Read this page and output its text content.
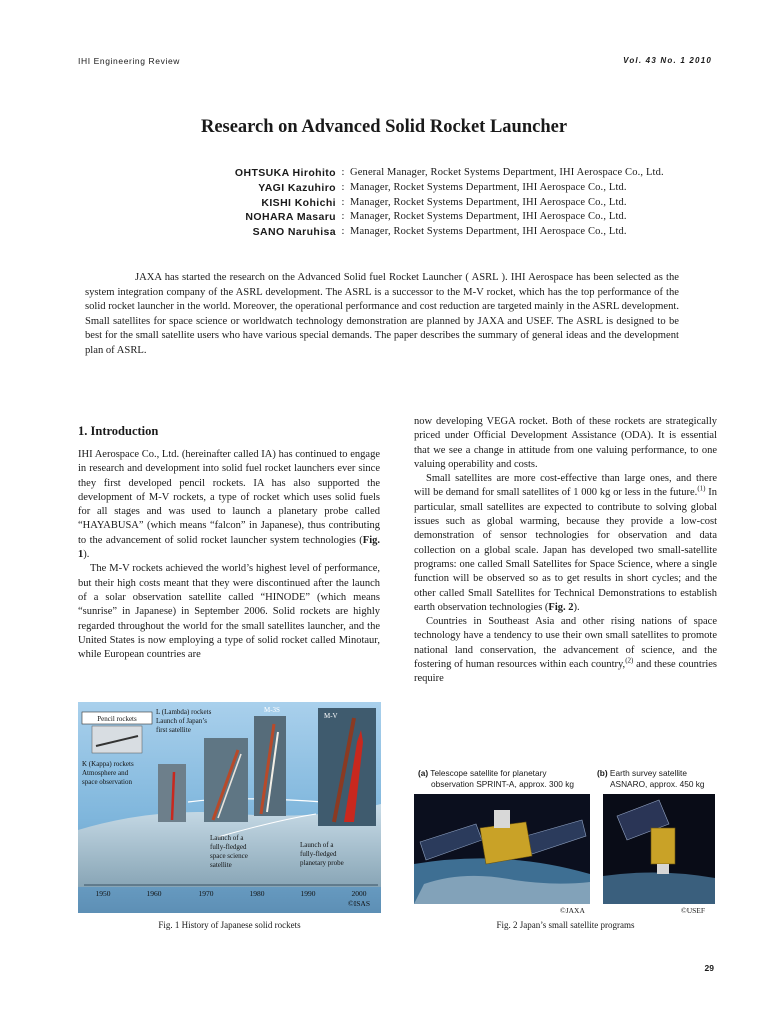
IHI Engineering Review	Vol. 43 No. 1 2010
Research on Advanced Solid Rocket Launcher
OHTSUKA Hirohito : General Manager, Rocket Systems Department, IHI Aerospace Co., Ltd.
YAGI Kazuhiro : Manager, Rocket Systems Department, IHI Aerospace Co., Ltd.
KISHI Kohichi : Manager, Rocket Systems Department, IHI Aerospace Co., Ltd.
NOHARA Masaru : Manager, Rocket Systems Department, IHI Aerospace Co., Ltd.
SANO Naruhisa : Manager, Rocket Systems Department, IHI Aerospace Co., Ltd.

JAXA has started the research on the Advanced Solid fuel Rocket Launcher ( ASRL ). IHI Aerospace has been selected as the system integration company of the ASRL development. The ASRL is a successor to the M-V rocket, which has the top performance of the solid rocket launcher in the world. Moreover, the operational performance and cost reduction are targeted mainly in the ASRL development. Small satellites for space science or worldwatch technology demonstration are planned by JAXA and USEF. The ASRL is designed to be best for the small satellite users who have various special demands. The paper describes the summary of general ideas and the development plan of ASRL.

1. Introduction

IHI Aerospace Co., Ltd. (hereinafter called IA) has continued to engage in research and development into solid fuel rocket launchers ever since they first developed pencil rockets. IA has also supported the development of M-V rockets, a type of rocket which uses solid fuels for all stages and was used to launch a planetary probe called “HAYABUSA” (which means “falcon” in Japanese), thus contributing to the advancement of solid rocket launcher system technologies (Fig. 1).

The M-V rockets achieved the world’s highest level of performance, but their high costs meant that they were discontinued after the launch of a solar observation satellite called “HINODE” (which means “sunrise” in Japanese) in September 2006. Solid rockets are highly regarded throughout the world for the small satellites launcher, and the United States is now employing a type of solid rocket called Minotaur, while European countries are

now developing VEGA rocket. Both of these rockets are strategically priced under Official Development Assistance (ODA). It is essential that we see a change in attitude from one valuing performance, to one valuing operability and costs.

Small satellites are more cost-effective than large ones, and there will be demand for small satellites of 1 000 kg or less in the future.$^{(1)}$ In particular, small satellites are expected to contribute to solving global issues such as global warming, because they provide a low-cost demonstration of sensor technologies for observation and data collection on a global scale. Japan has developed two small-satellite programs: one called Small Satellites for Space Science, where a single function will be observed so as to get results in short cycles; and the other called Small Satellites for Technical Demonstrations to establish earth observation technologies (Fig. 2).

Countries in Southeast Asia and other rising nations of space technology have a tendency to use their own small satellites to promote national land conservation, the advancement of science, and the fostering of human resources within each country,$^{(2)}$ and these countries require

1950	1960	1970	1980	1990	2000
©ISAS
Pencil rockets
L (Lambda) rockets
Launch of Japan’s
first satellite
K (Kappa) rockets
Atmosphere and
space observation
M-3S
M-V
Launch of a
fully-fledged
space science
satellite
Launch of a
fully-fledged
planetary probe
Fig. 1 History of Japanese solid rockets
(a) Telescope satellite for planetary
observation SPRINT-A, approx. 300 kg
(b) Earth survey satellite
ASNARO, approx. 450 kg
©JAXA	©USEF
Fig. 2 Japan’s small satellite programs
29
